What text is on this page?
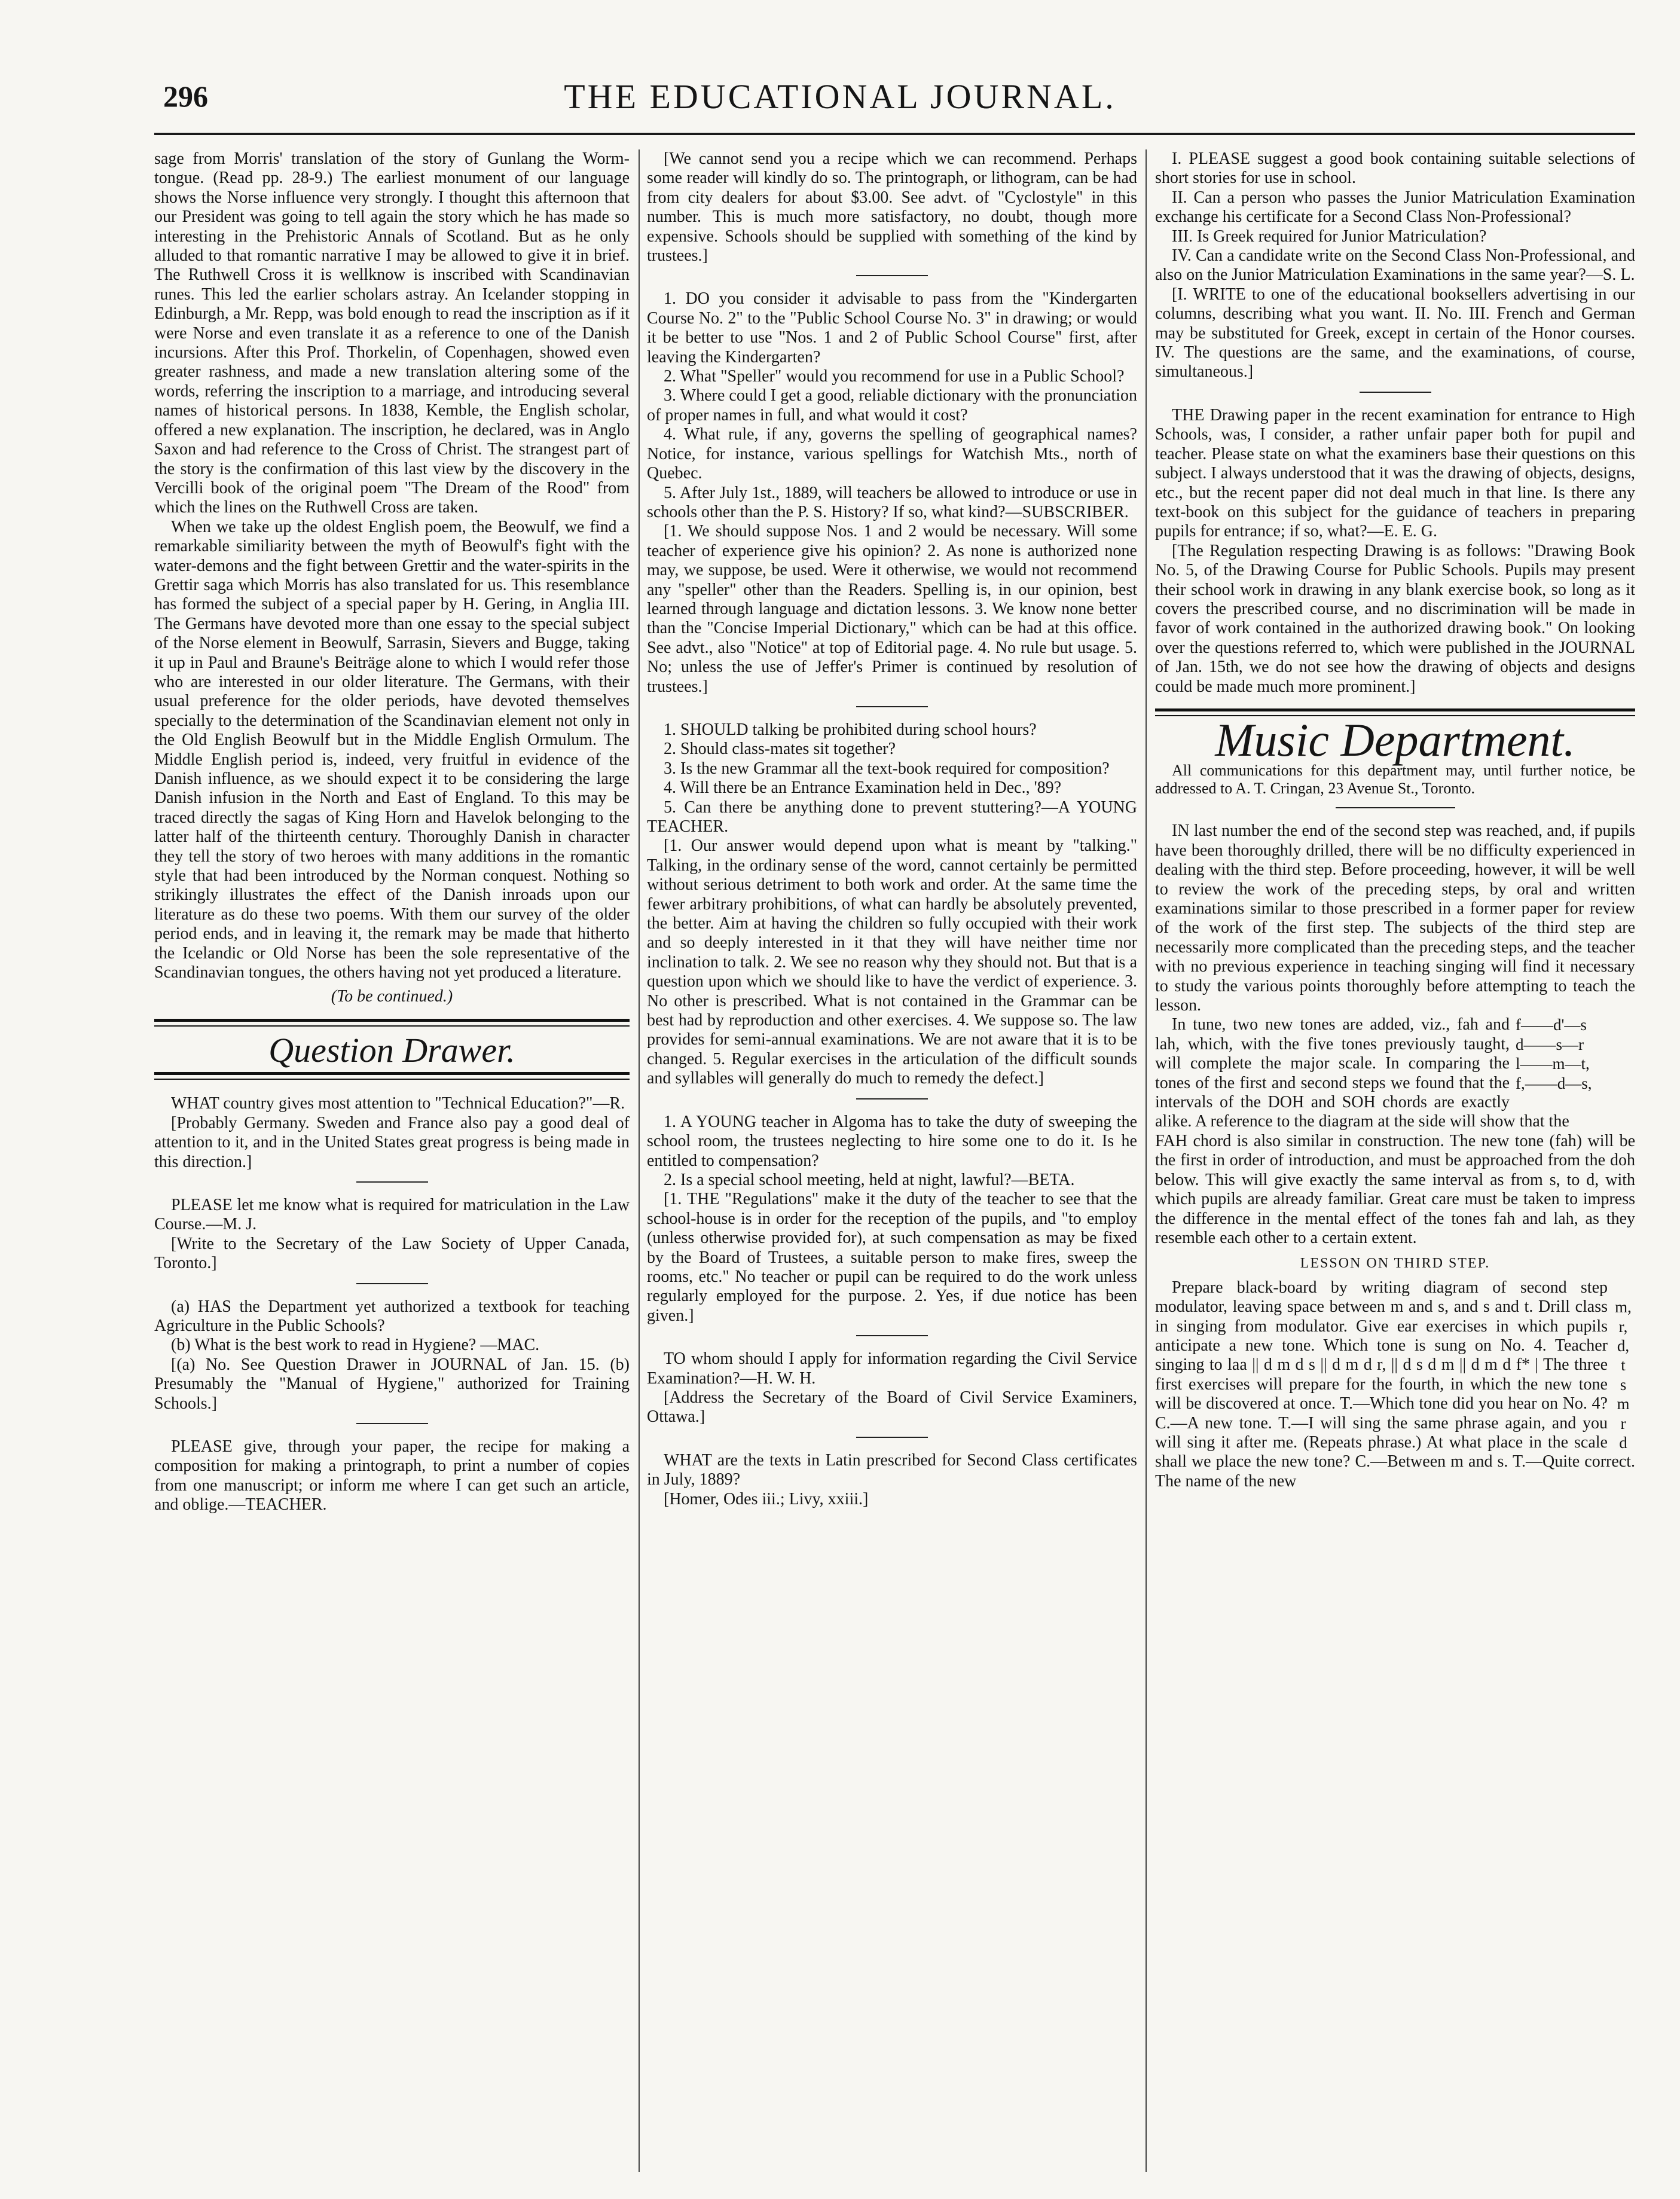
296	THE EDUCATIONAL JOURNAL.

sage from Morris' translation of the story of Gunlang the Worm-tongue. (Read pp. 28-9.) The earliest monument of our language shows the Norse influence very strongly. I thought this afternoon that our President was going to tell again the story which he has made so interesting in the Prehistoric Annals of Scotland. But as he only alluded to that romantic narrative I may be allowed to give it in brief. The Ruthwell Cross it is wellknow is inscribed with Scandinavian runes. This led the earlier scholars astray. An Icelander stopping in Edinburgh, a Mr. Repp, was bold enough to read the inscription as if it were Norse and even translate it as a reference to one of the Danish incursions. After this Prof. Thorkelin, of Copenhagen, showed even greater rashness, and made a new translation altering some of the words, referring the inscription to a marriage, and introducing several names of historical persons. In 1838, Kemble, the English scholar, offered a new explanation. The inscription, he declared, was in Anglo Saxon and had reference to the Cross of Christ. The strangest part of the story is the confirmation of this last view by the discovery in the Vercilli book of the original poem "The Dream of the Rood" from which the lines on the Ruthwell Cross are taken.

When we take up the oldest English poem, the Beowulf, we find a remarkable similiarity between the myth of Beowulf's fight with the water-demons and the fight between Grettir and the water-spirits in the Grettir saga which Morris has also translated for us. This resemblance has formed the subject of a special paper by H. Gering, in Anglia III. The Germans have devoted more than one essay to the special subject of the Norse element in Beowulf, Sarrasin, Sievers and Bugge, taking it up in Paul and Braune's Beiträge alone to which I would refer those who are interested in our older literature. The Germans, with their usual preference for the older periods, have devoted themselves specially to the determination of the Scandinavian element not only in the Old English Beowulf but in the Middle English Ormulum. The Middle English period is, indeed, very fruitful in evidence of the Danish influence, as we should expect it to be considering the large Danish infusion in the North and East of England. To this may be traced directly the sagas of King Horn and Havelok belonging to the latter half of the thirteenth century. Thoroughly Danish in character they tell the story of two heroes with many additions in the romantic style that had been introduced by the Norman conquest. Nothing so strikingly illustrates the effect of the Danish inroads upon our literature as do these two poems. With them our survey of the older period ends, and in leaving it, the remark may be made that hitherto the Icelandic or Old Norse has been the sole representative of the Scandinavian tongues, the others having not yet produced a literature.

(To be continued.)

Question Drawer.

WHAT country gives most attention to "Technical Education?"—R.

[Probably Germany. Sweden and France also pay a good deal of attention to it, and in the United States great progress is being made in this direction.]

PLEASE let me know what is required for matriculation in the Law Course.—M. J.

[Write to the Secretary of the Law Society of Upper Canada, Toronto.]

(a) HAS the Department yet authorized a textbook for teaching Agriculture in the Public Schools?

(b) What is the best work to read in Hygiene? —MAC.

[(a) No. See Question Drawer in JOURNAL of Jan. 15. (b) Presumably the "Manual of Hygiene," authorized for Training Schools.]

PLEASE give, through your paper, the recipe for making a composition for making a printograph, to print a number of copies from one manuscript; or inform me where I can get such an article, and oblige.—TEACHER.

[We cannot send you a recipe which we can recommend. Perhaps some reader will kindly do so. The printograph, or lithogram, can be had from city dealers for about $3.00. See advt. of "Cyclostyle" in this number. This is much more satisfactory, no doubt, though more expensive. Schools should be supplied with something of the kind by trustees.]

1. DO you consider it advisable to pass from the "Kindergarten Course No. 2" to the "Public School Course No. 3" in drawing; or would it be better to use "Nos. 1 and 2 of Public School Course" first, after leaving the Kindergarten?

2. What "Speller" would you recommend for use in a Public School?

3. Where could I get a good, reliable dictionary with the pronunciation of proper names in full, and what would it cost?

4. What rule, if any, governs the spelling of geographical names? Notice, for instance, various spellings for Watchish Mts., north of Quebec.

5. After July 1st., 1889, will teachers be allowed to introduce or use in schools other than the P. S. History? If so, what kind?—SUBSCRIBER.

[1. We should suppose Nos. 1 and 2 would be necessary. Will some teacher of experience give his opinion? 2. As none is authorized none may, we suppose, be used. Were it otherwise, we would not recommend any "speller" other than the Readers. Spelling is, in our opinion, best learned through language and dictation lessons. 3. We know none better than the "Concise Imperial Dictionary," which can be had at this office. See advt., also "Notice" at top of Editorial page. 4. No rule but usage. 5. No; unless the use of Jeffer's Primer is continued by resolution of trustees.]

1. SHOULD talking be prohibited during school hours?

2. Should class-mates sit together?

3. Is the new Grammar all the text-book required for composition?

4. Will there be an Entrance Examination held in Dec., '89?

5. Can there be anything done to prevent stuttering?—A YOUNG TEACHER.

[1. Our answer would depend upon what is meant by "talking." Talking, in the ordinary sense of the word, cannot certainly be permitted without serious detriment to both work and order. At the same time the fewer arbitrary prohibitions, of what can hardly be absolutely prevented, the better. Aim at having the children so fully occupied with their work and so deeply interested in it that they will have neither time nor inclination to talk. 2. We see no reason why they should not. But that is a question upon which we should like to have the verdict of experience. 3. No other is prescribed. What is not contained in the Grammar can be best had by reproduction and other exercises. 4. We suppose so. The law provides for semi-annual examinations. We are not aware that it is to be changed. 5. Regular exercises in the articulation of the difficult sounds and syllables will generally do much to remedy the defect.]

1. A YOUNG teacher in Algoma has to take the duty of sweeping the school room, the trustees neglecting to hire some one to do it. Is he entitled to compensation?

2. Is a special school meeting, held at night, lawful?—BETA.

[1. THE "Regulations" make it the duty of the teacher to see that the school-house is in order for the reception of the pupils, and "to employ (unless otherwise provided for), at such compensation as may be fixed by the Board of Trustees, a suitable person to make fires, sweep the rooms, etc." No teacher or pupil can be required to do the work unless regularly employed for the purpose. 2. Yes, if due notice has been given.]

TO whom should I apply for information regarding the Civil Service Examination?—H. W. H.

[Address the Secretary of the Board of Civil Service Examiners, Ottawa.]

WHAT are the texts in Latin prescribed for Second Class certificates in July, 1889?

[Homer, Odes iii.; Livy, xxiii.]

I. PLEASE suggest a good book containing suitable selections of short stories for use in school.

II. Can a person who passes the Junior Matriculation Examination exchange his certificate for a Second Class Non-Professional?

III. Is Greek required for Junior Matriculation?

IV. Can a candidate write on the Second Class Non-Professional, and also on the Junior Matriculation Examinations in the same year?—S. L.

[I. WRITE to one of the educational booksellers advertising in our columns, describing what you want. II. No. III. French and German may be substituted for Greek, except in certain of the Honor courses. IV. The questions are the same, and the examinations, of course, simultaneous.]

THE Drawing paper in the recent examination for entrance to High Schools, was, I consider, a rather unfair paper both for pupil and teacher. Please state on what the examiners base their questions on this subject. I always understood that it was the drawing of objects, designs, etc., but the recent paper did not deal much in that line. Is there any text-book on this subject for the guidance of teachers in preparing pupils for entrance; if so, what?—E. E. G.

[The Regulation respecting Drawing is as follows: "Drawing Book No. 5, of the Drawing Course for Public Schools. Pupils may present their school work in drawing in any blank exercise book, so long as it covers the prescribed course, and no discrimination will be made in favor of work contained in the authorized drawing book." On looking over the questions referred to, which were published in the JOURNAL of Jan. 15th, we do not see how the drawing of objects and designs could be made much more prominent.]

Music Department.

All communications for this department may, until further notice, be addressed to A. T. Cringan, 23 Avenue St., Toronto.

IN last number the end of the second step was reached, and, if pupils have been thoroughly drilled, there will be no difficulty experienced in dealing with the third step. Before proceeding, however, it will be well to review the work of the preceding steps, by oral and written examinations similar to those prescribed in a former paper for review of the work of the first step. The subjects of the third step are necessarily more complicated than the preceding steps, and the teacher with no previous experience in teaching singing will find it necessary to study the various points thoroughly before attempting to teach the lesson.

f——d'—s
d——s—r
l——m—t,
f,——d—s,

In tune, two new tones are added, viz., fah and lah, which, with the five tones previously taught, will complete the major scale. In comparing the tones of the first and second steps we found that the intervals of the DOH and SOH chords are exactly alike. A reference to the diagram at the side will show that the

FAH chord is also similar in construction. The new tone (fah) will be the first in order of introduction, and must be approached from the doh below. This will give exactly the same interval as from s, to d, with which pupils are already familiar. Great care must be taken to impress the difference in the mental effect of the tones fah and lah, as they resemble each other to a certain extent.

LESSON ON THIRD STEP.

m,
r,
d,
t
s
m
r
d

Prepare black-board by writing diagram of second step modulator, leaving space between m and s, and s and t. Drill class in singing from modulator. Give ear exercises in which pupils anticipate a new tone. Which tone is sung on No. 4. Teacher singing to laa || d m d s || d m d r, || d s d m || d m d f* | The three first exercises will prepare for the fourth, in which the new tone will be discovered at once. T.—Which tone did you hear on No. 4? C.—A new tone. T.—I will sing the same phrase again, and you will sing it after me. (Repeats phrase.) At what place in the scale shall we place the new tone? C.—Between m and s. T.—Quite correct. The name of the new
